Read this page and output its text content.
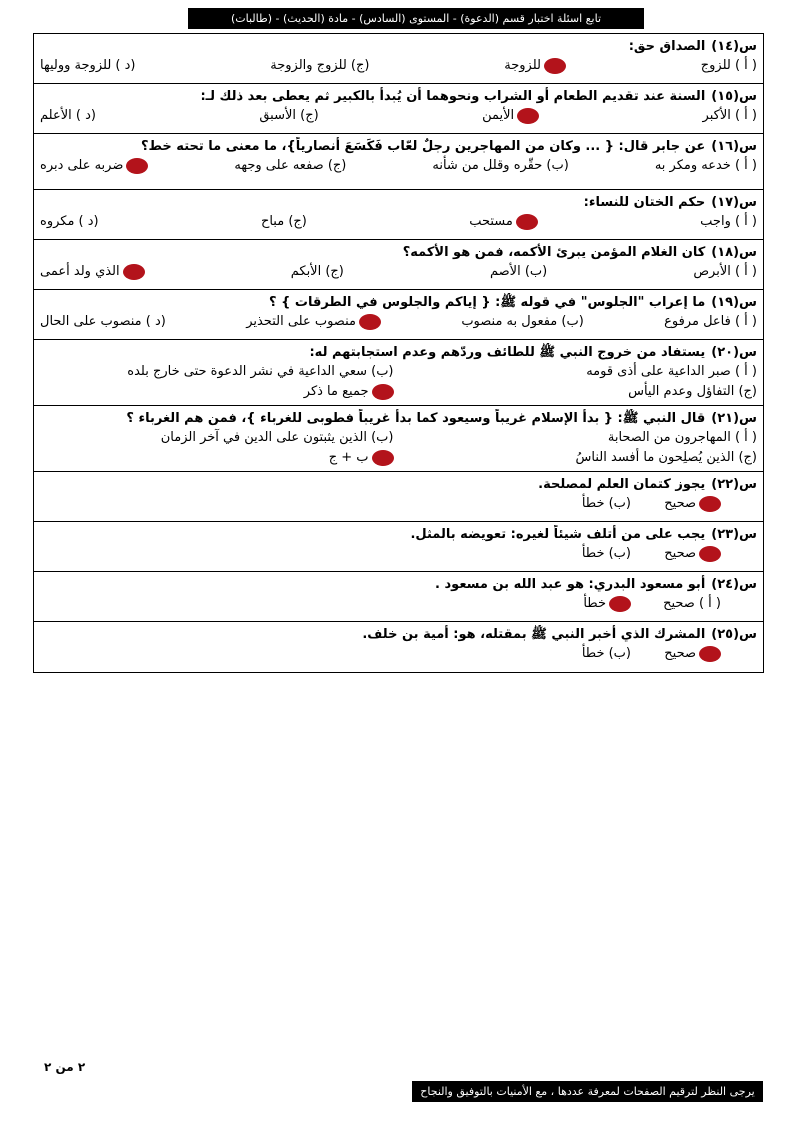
تابع اسئلة اختبار قسم (الدعوة) - المستوى (السادس) - مادة (الحديث) - (طالبات)
س(١٤)الصداق حق:
( أ ) للزوج
للزوجة
(ج) للزوج والزوجة
(د ) للزوجة ووليها
س(١٥)السنة عند تقديم الطعام أو الشراب ونحوهما أن يُبدأ بالكبير ثم يعطى بعد ذلك لـ:
( أ ) الأكبر
الأيمن
(ج) الأسبق
(د ) الأعلم
س(١٦)عن جابر قال: { ... وكان من المهاجرين رجلٌ لعّاب فَكَسَعَ أنصارياً}، ما معنى ما تحته خط؟
( أ ) خدعه ومكر به
(ب) حقّره وقلل من شأنه
(ج) صفعه على وجهه
ضربه على دبره
س(١٧)حكم الختان للنساء:
( أ ) واجب
مستحب
(ج) مباح
(د ) مكروه
س(١٨)كان الغلام المؤمن يبرئ الأكمه، فمن هو الأكمه؟
( أ ) الأبرص
(ب) الأصم
(ج) الأبكم
الذي ولد أعمى
س(١٩)ما إعراب "الجلوس" في قوله ﷺ: { إياكم والجلوس في الطرقات } ؟
( أ ) فاعل مرفوع
(ب) مفعول به منصوب
منصوب على التحذير
(د ) منصوب على الحال
س(٢٠)يستفاد من خروج النبي ﷺ للطائف وردّهم وعدم استجابتهم له:
( أ ) صبر الداعية على أذى قومه
(ب) سعي الداعية في نشر الدعوة حتى خارج بلده
(ج) التفاؤل وعدم اليأس
جميع ما ذكر
س(٢١)قال النبي ﷺ: { بدأ الإسلام غريباً وسيعود كما بدأ غريباً فطوبى للغرباء }، فمن هم الغرباء ؟
( أ ) المهاجرون من الصحابة
(ب) الذين يثبتون على الدين في آخر الزمان
(ج) الذين يُصلِحون ما أفسد الناسُ
ب + ج
س(٢٢)يجوز كتمان العلم لمصلحة.
صحيح
(ب) خطأ
س(٢٣)يجب على من أتلف شيئاً لغيره: تعويضه بالمثل.
صحيح
(ب) خطأ
س(٢٤)أبو مسعود البدري: هو عبد الله بن مسعود .
( أ ) صحيح
خطأ
س(٢٥)المشرك الذي أخبر النبي ﷺ بمقتله، هو: أمية بن خلف.
صحيح
(ب) خطأ
٢ من ٢
يرجى النظر لترقيم الصفحات لمعرفة عددها ، مع الأمنيات بالتوفيق والنجاح
